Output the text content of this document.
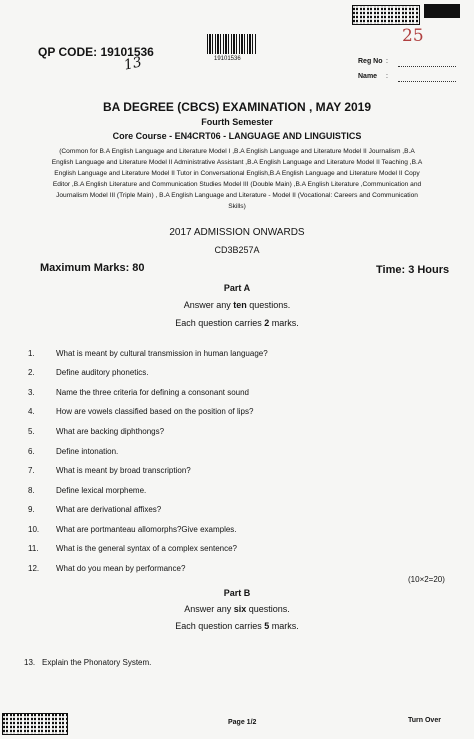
25
QP CODE: 19101536
13	19101536	Reg No :
Name :
BA DEGREE (CBCS) EXAMINATION , MAY 2019
Fourth Semester
Core Course - EN4CRT06 - LANGUAGE AND LINGUISTICS
(Common for B.A English Language and Literature Model I ,B.A English Language and Literature Model II Journalism ,B.A
English Language and Literature Model II Administrative Assistant ,B.A English Language and Literature Model II Teaching ,B.A
English Language and Literature Model II Tutor in Conversational English,B.A English Language and Literature Model II Copy
Editor ,B.A English Literature and Communication Studies Model III (Double Main) ,B.A English Literature ,Communication and
Journalism Model III (Triple Main) , B.A English Language and Literature - Model II (Vocational: Careers and Communication
Skills)
2017 ADMISSION ONWARDS
CD3B257A
Maximum Marks: 80	Time: 3 Hours
Part A
Answer any ten questions.
Each question carries 2 marks.
1.	What is meant by cultural transmission in human language?
2.	Define auditory phonetics.
3.	Name the three criteria for defining a consonant sound
4.	How are vowels classified based on the position of lips?
5.	What are backing diphthongs?
6.	Define intonation.
7.	What is meant by broad transcription?
8.	Define lexical morpheme.
9.	What are derivational affixes?
10. What are portmanteau allomorphs?Give examples.
11. What is the general syntax of a complex sentence?
12. What do you mean by performance?
(10×2=20)
Part B
Answer any six questions.
Each question carries 5 marks.
13. Explain the Phonatory System.
Page 1/2	Turn Over
